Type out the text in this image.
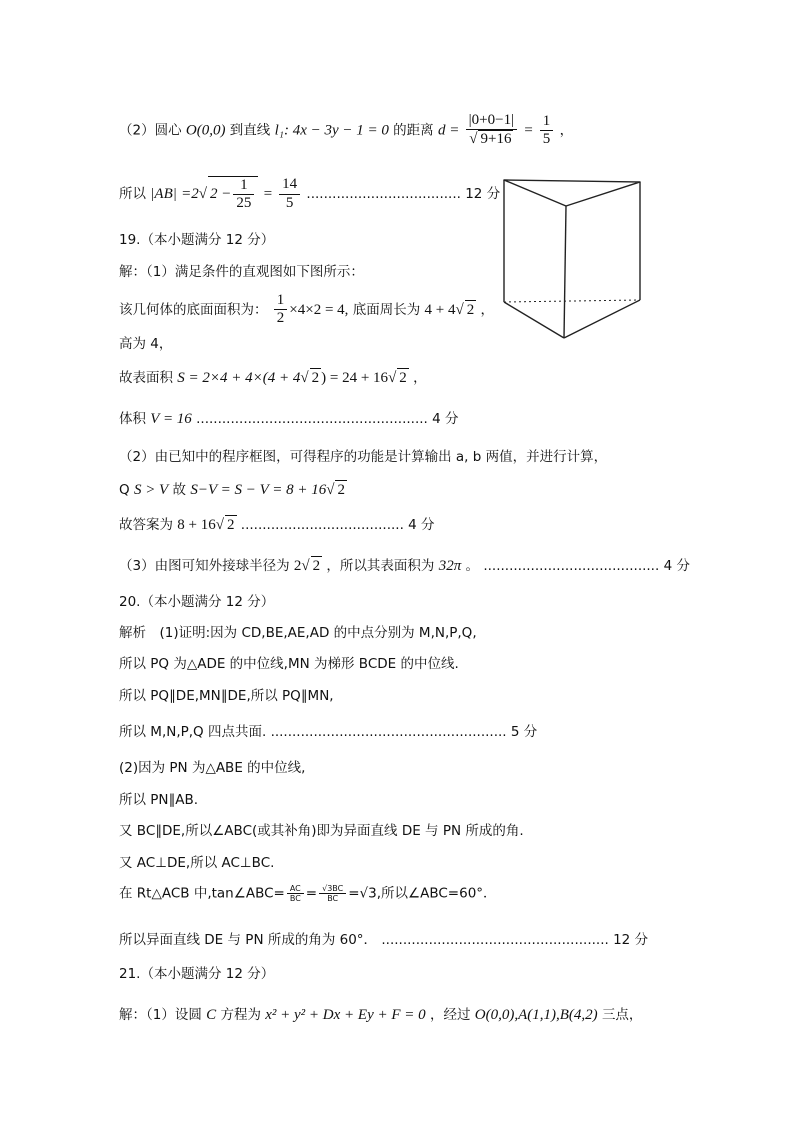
（2）圆心 O(0,0) 到直线 l₁: 4x − 3y − 1 = 0 的距离 $d = \frac{|0+0-1|}{√ 9+16} = \frac{1}{5}$ ，
所以 |AB| =2√ $2 - \frac{1}{25} = \frac{14}{5}$ .................................... 12 分
19.（本小题满分 12 分）
解：（1）满足条件的直观图如下图所示：
该几何体的底面面积为： $\frac{1}{2} \times 4\times 2 = 4$, 底面周长为 4 + 4√ 2 ，
高为 4，
故表面积 S = 2×4 + 4×(4 + 4√ 2 ) = 24 + 16√ 2 ，
体积 V = 16 ...................................................... 4 分
（2）由已知中的程序框图，可得程序的功能是计算输出 a, b 两值，并进行计算，
Q S > V 故 S−V = S − V = 8 + 16√ 2
故答案为 8 + 16√ 2 ...................................... 4 分
（3）由图可知外接球半径为 2√ 2 ，所以其表面积为 32π 。 ......................................... 4 分
20.（本小题满分 12 分）
解析　(1)证明:因为 CD,BE,AE,AD 的中点分别为 M,N,P,Q,
所以 PQ 为△ADE 的中位线,MN 为梯形 BCDE 的中位线.
所以 PQ∥DE,MN∥DE,所以 PQ∥MN,
所以 M,N,P,Q 四点共面. ....................................................... 5 分
(2)因为 PN 为△ABE 的中位线,
所以 PN∥AB.
又 BC∥DE,所以∠ABC(或其补角)即为异面直线 DE 与 PN 所成的角.
又 AC⊥DE,所以 AC⊥BC.
在 Rt△ACB 中,tan∠ABC= $\frac{AC}{BC} = \frac{√3BC}{BC} =√3$,所以∠ABC=60°．
所以异面直线 DE 与 PN 所成的角为 60°． ..................................................... 12 分
21.（本小题满分 12 分）
解：（1）设圆 C 方程为 x² + y² + Dx + Ey + F = 0 ，经过 O(0,0),A(1,1),B(4,2) 三点，
